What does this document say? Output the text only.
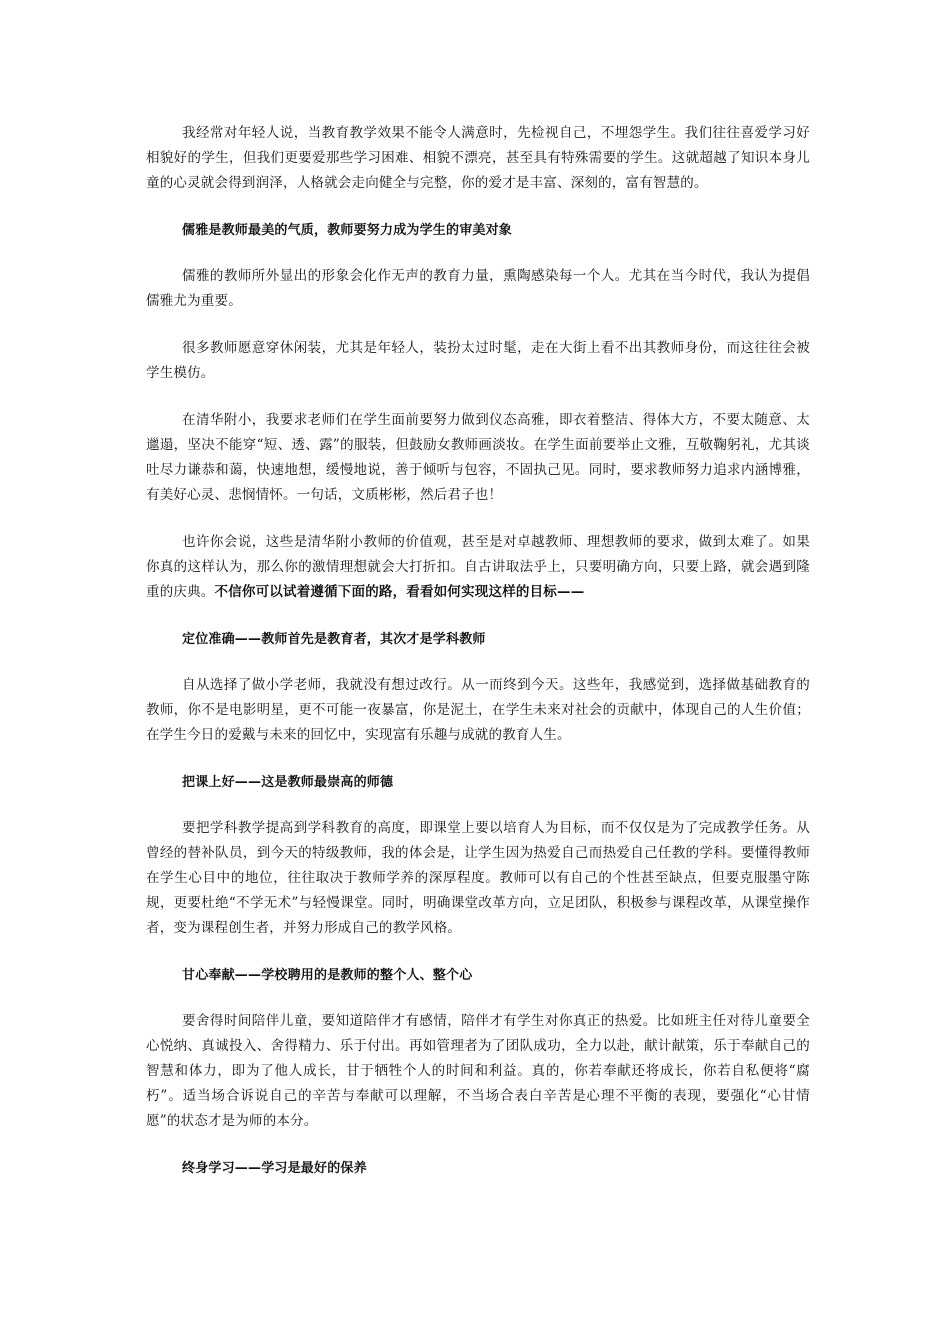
我经常对年轻人说，当教育教学效果不能令人满意时，先检视自己，不埋怨学生。我们往往喜爱学习好相貌好的学生，但我们更要爱那些学习困难、相貌不漂亮，甚至具有特殊需要的学生。这就超越了知识本身儿童的心灵就会得到润泽，人格就会走向健全与完整，你的爱才是丰富、深刻的，富有智慧的。

儒雅是教师最美的气质，教师要努力成为学生的审美对象

儒雅的教师所外显出的形象会化作无声的教育力量，熏陶感染每一个人。尤其在当今时代，我认为提倡儒雅尤为重要。

很多教师愿意穿休闲装，尤其是年轻人，装扮太过时髦，走在大街上看不出其教师身份，而这往往会被学生模仿。

在清华附小，我要求老师们在学生面前要努力做到仪态高雅，即衣着整洁、得体大方，不要太随意、太邋遢，坚决不能穿“短、透、露”的服装，但鼓励女教师画淡妆。在学生面前要举止文雅，互敬鞠躬礼，尤其谈吐尽力谦恭和蔼，快速地想，缓慢地说，善于倾听与包容，不固执己见。同时，要求教师努力追求内涵博雅，有美好心灵、悲悯情怀。一句话，文质彬彬，然后君子也！

也许你会说，这些是清华附小教师的价值观，甚至是对卓越教师、理想教师的要求，做到太难了。如果你真的这样认为，那么你的激情理想就会大打折扣。自古讲取法乎上，只要明确方向，只要上路，就会遇到隆重的庆典。不信你可以试着遵循下面的路，看看如何实现这样的目标——

定位准确——教师首先是教育者，其次才是学科教师

自从选择了做小学老师，我就没有想过改行。从一而终到今天。这些年，我感觉到，选择做基础教育的教师，你不是电影明星，更不可能一夜暴富，你是泥土，在学生未来对社会的贡献中，体现自己的人生价值；在学生今日的爱戴与未来的回忆中，实现富有乐趣与成就的教育人生。

把课上好——这是教师最崇高的师德

要把学科教学提高到学科教育的高度，即课堂上要以培育人为目标，而不仅仅是为了完成教学任务。从曾经的替补队员，到今天的特级教师，我的体会是，让学生因为热爱自己而热爱自己任教的学科。要懂得教师在学生心目中的地位，往往取决于教师学养的深厚程度。教师可以有自己的个性甚至缺点，但要克服墨守陈规，更要杜绝“不学无术”与轻慢课堂。同时，明确课堂改革方向，立足团队，积极参与课程改革，从课堂操作者，变为课程创生者，并努力形成自己的教学风格。

甘心奉献——学校聘用的是教师的整个人、整个心

要舍得时间陪伴儿童，要知道陪伴才有感情，陪伴才有学生对你真正的热爱。比如班主任对待儿童要全心悦纳、真诚投入、舍得精力、乐于付出。再如管理者为了团队成功，全力以赴，献计献策，乐于奉献自己的智慧和体力，即为了他人成长，甘于牺牲个人的时间和利益。真的，你若奉献还将成长，你若自私便将“腐朽”。适当场合诉说自己的辛苦与奉献可以理解，不当场合表白辛苦是心理不平衡的表现，要强化“心甘情愿”的状态才是为师的本分。

终身学习——学习是最好的保养
